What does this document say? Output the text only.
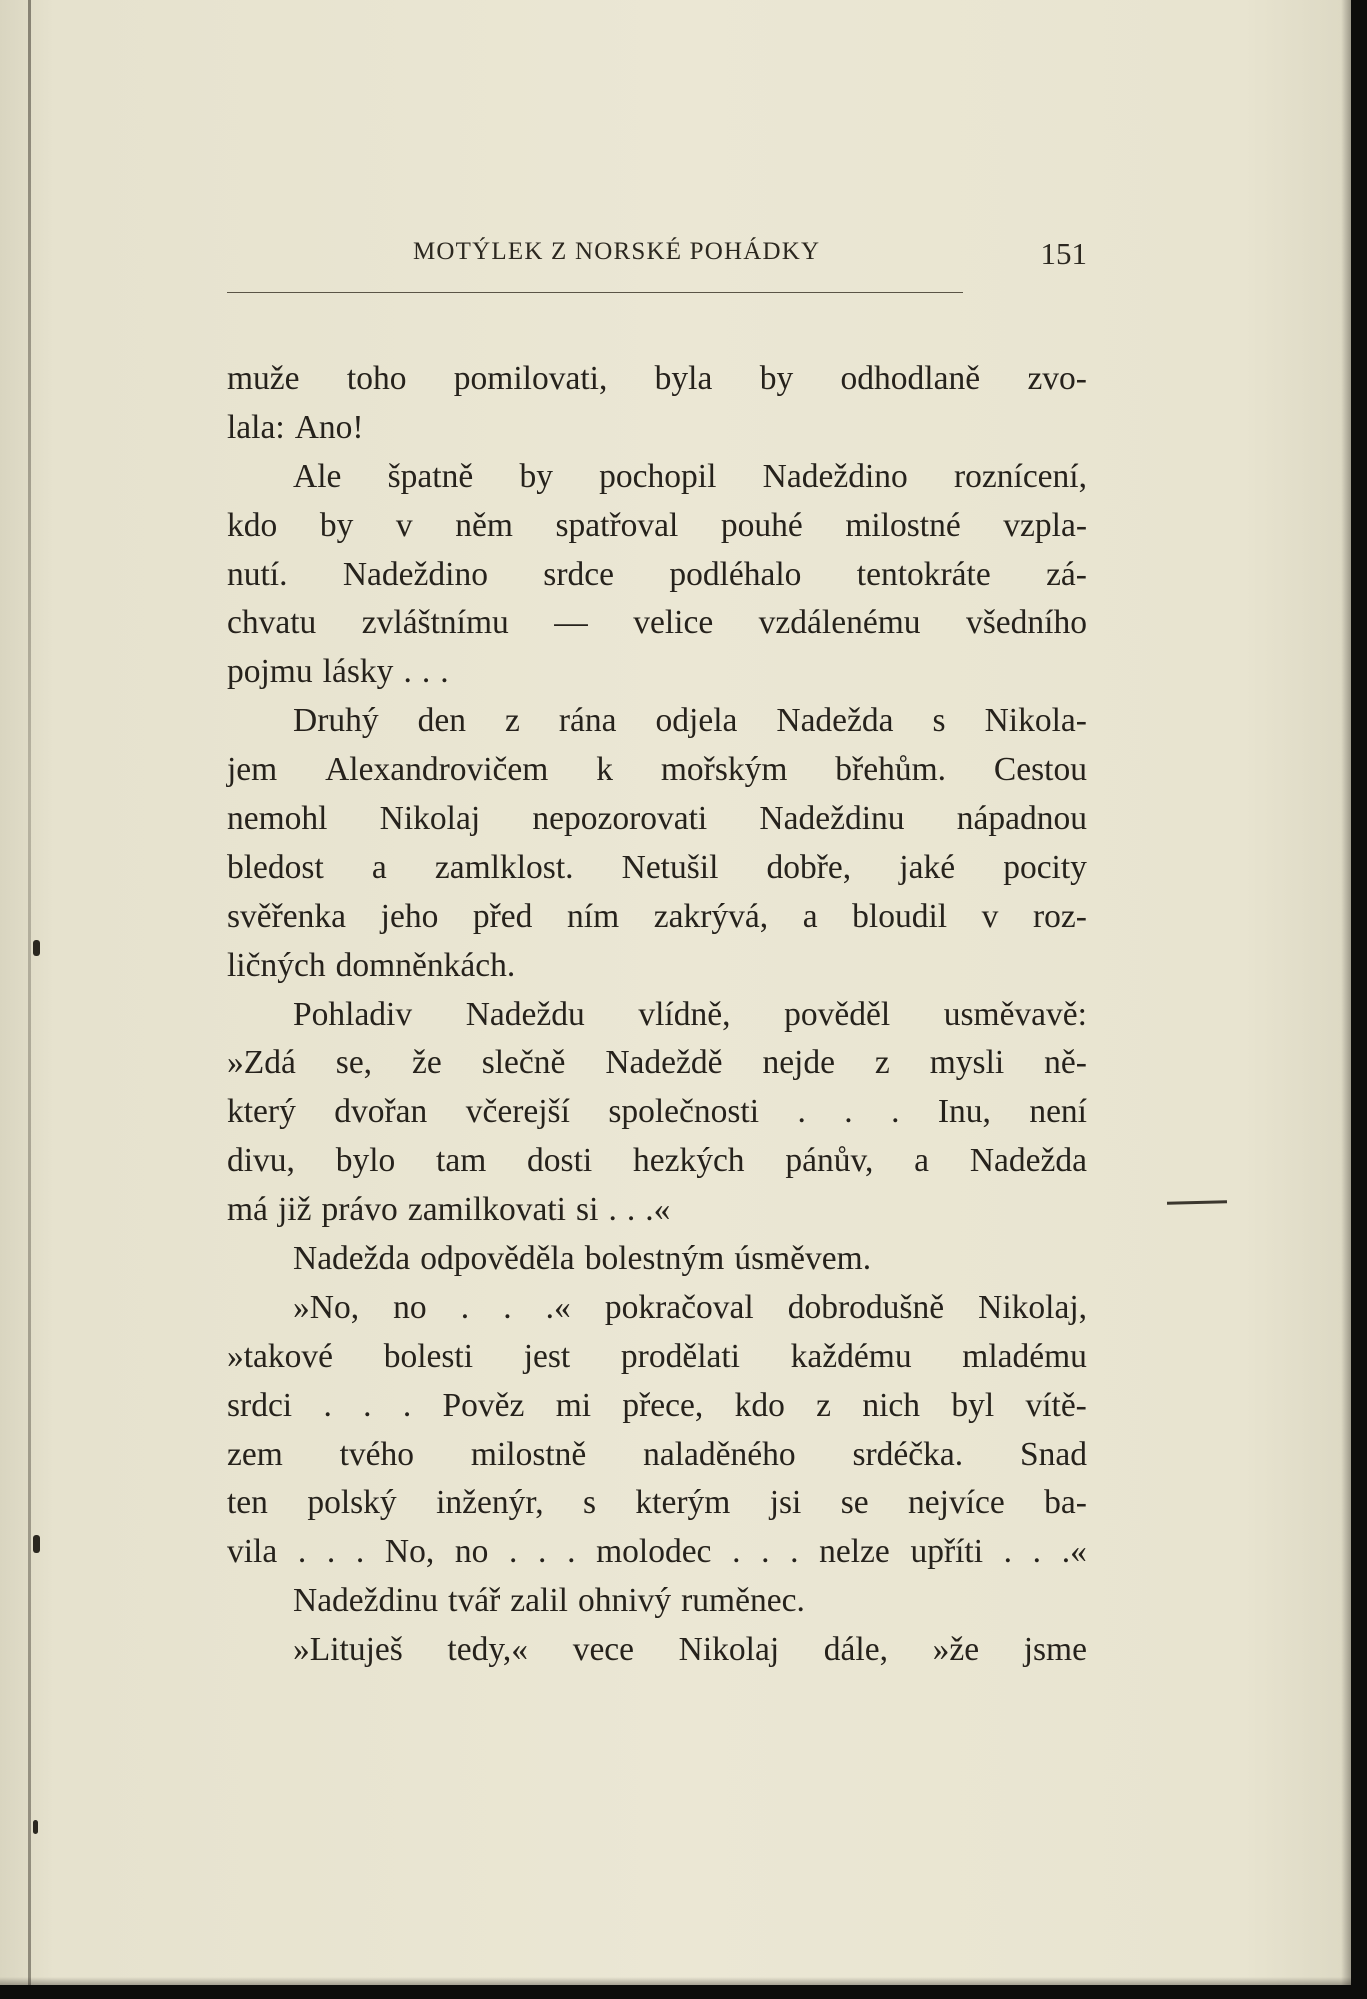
MOTÝLEK Z NORSKÉ POHÁDKY	151
muže toho pomilovati, byla by odhodlaně zvo-
lala: Ano!
Ale špatně by pochopil Nadeždino roznícení,
kdo by v něm spatřoval pouhé milostné vzpla-
nutí. Nadeždino srdce podléhalo tentokráte zá-
chvatu zvláštnímu — velice vzdálenému všedního
pojmu lásky . . .
Druhý den z rána odjela Nadežda s Nikola-
jem Alexandrovičem k mořským břehům. Cestou
nemohl Nikolaj nepozorovati Nadeždinu nápadnou
bledost a zamlklost. Netušil dobře, jaké pocity
svěřenka jeho před ním zakrývá, a bloudil v roz-
ličných domněnkách.
Pohladiv Nadeždu vlídně, pověděl usměvavě:
»Zdá se, že slečně Nadeždě nejde z mysli ně-
který dvořan včerejší společnosti . . . Inu, není
divu, bylo tam dosti hezkých pánův, a Nadežda
má již právo zamilkovati si . . .«
Nadežda odpověděla bolestným úsměvem.
»No, no . . .« pokračoval dobrodušně Nikolaj,
»takové bolesti jest prodělati každému mladému
srdci . . . Pověz mi přece, kdo z nich byl vítě-
zem tvého milostně naladěného srdéčka. Snad
ten polský inženýr, s kterým jsi se nejvíce ba-
vila . . . No, no . . . molodec . . . nelze upříti . . .«
Nadeždinu tvář zalil ohnivý ruměnec.
»Lituješ tedy,« vece Nikolaj dále, »že jsme
